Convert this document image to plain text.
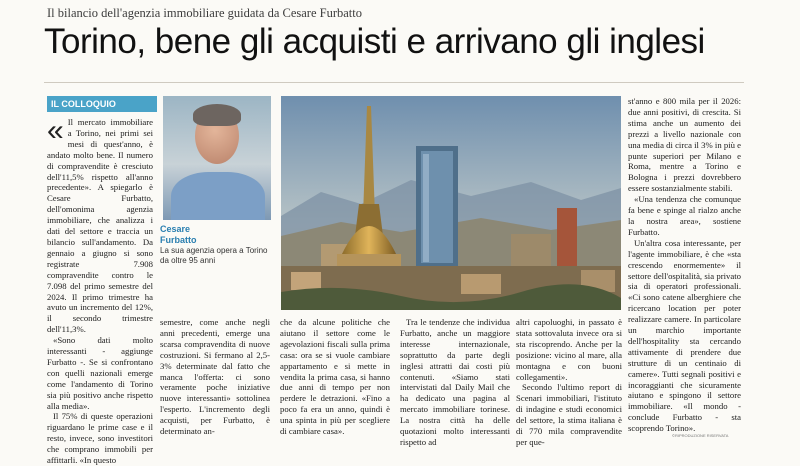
Il bilancio dell'agenzia immobiliare guidata da Cesare Furbatto
Torino, bene gli acquisti e arrivano gli inglesi
IL COLLOQUIO
Cesare
Furbatto
La sua agenzia opera a Torino da oltre 95 anni

« Il mercato immobiliare a Torino, nei primi sei mesi di quest'anno, è andato molto bene. Il numero di compravendite è cresciuto dell'11,5% rispetto all'anno precedente». A spiegarlo è Cesare Furbatto, dell'omonima agenzia immobiliare, che analizza i dati del settore e traccia un bilancio sull'andamento. Da gennaio a giugno si sono registrate 7.908 compravendite contro le 7.098 del primo semestre del 2024. Il primo trimestre ha avuto un incremento del 12%, il secondo trimestre dell'11,3%.

«Sono dati molto interessanti - aggiunge Furbatto -. Se si confrontano con quelli nazionali emerge come l'andamento di Torino sia più positivo anche rispetto alla media».

Il 75% di queste operazioni riguardano le prime case e il resto, invece, sono investitori che comprano immobili per affittarli. «In questo

semestre, come anche negli anni precedenti, emerge una scarsa compravendita di nuove costruzioni. Si fermano al 2,5-3% determinate dal fatto che manca l'offerta: ci sono veramente poche iniziative nuove interessanti» sottolinea l'esperto. L'incremento degli acquisti, per Furbatto, è determinato an-

che da alcune politiche che aiutano il settore come le agevolazioni fiscali sulla prima casa: ora se si vuole cambiare appartamento e si mette in vendita la prima casa, si hanno due anni di tempo per non perdere le detrazioni. «Fino a poco fa era un anno, quindi è una spinta in più per scegliere di cambiare casa».

Tra le tendenze che individua Furbatto, anche un maggiore interesse internazionale, soprattutto da parte degli inglesi attratti dai costi più contenuti. «Siamo stati intervistati dal Daily Mail che ha dedicato una pagina al mercato immobiliare torinese. La nostra città ha delle quotazioni molto interessanti rispetto ad

altri capoluoghi, in passato è stata sottovaluta invece ora si sta riscoprendo. Anche per la posizione: vicino al mare, alla montagna e con buoni collegamenti».

Secondo l'ultimo report di Scenari immobiliari, l'istituto di indagine e studi economici del settore, la stima italiana è di 770 mila compravendite per que-

st'anno e 800 mila per il 2026: due anni positivi, di crescita. Si stima anche un aumento dei prezzi a livello nazionale con una media di circa il 3% in più e punte superiori per Milano e Roma, mentre a Torino e Bologna i prezzi dovrebbero essere sostanzialmente stabili.

«Una tendenza che comunque fa bene e spinge al rialzo anche la nostra area», sostiene Furbatto.

Un'altra cosa interessante, per l'agente immobiliare, è che «sta crescendo enormemente» il settore dell'ospitalità, sia privato sia di operatori professionali. «Ci sono catene alberghiere che ricercano location per poter realizzare camere. In particolare un marchio importante dell'hospitality sta cercando attivamente di prendere due strutture di un centinaio di camere». Tutti segnali positivi e incoraggianti che sicuramente aiutano e spingono il settore immobiliare. «Il mondo - conclude Furbatto - sta scoprendo Torino».

©RIPRODUZIONE RISERVATA
